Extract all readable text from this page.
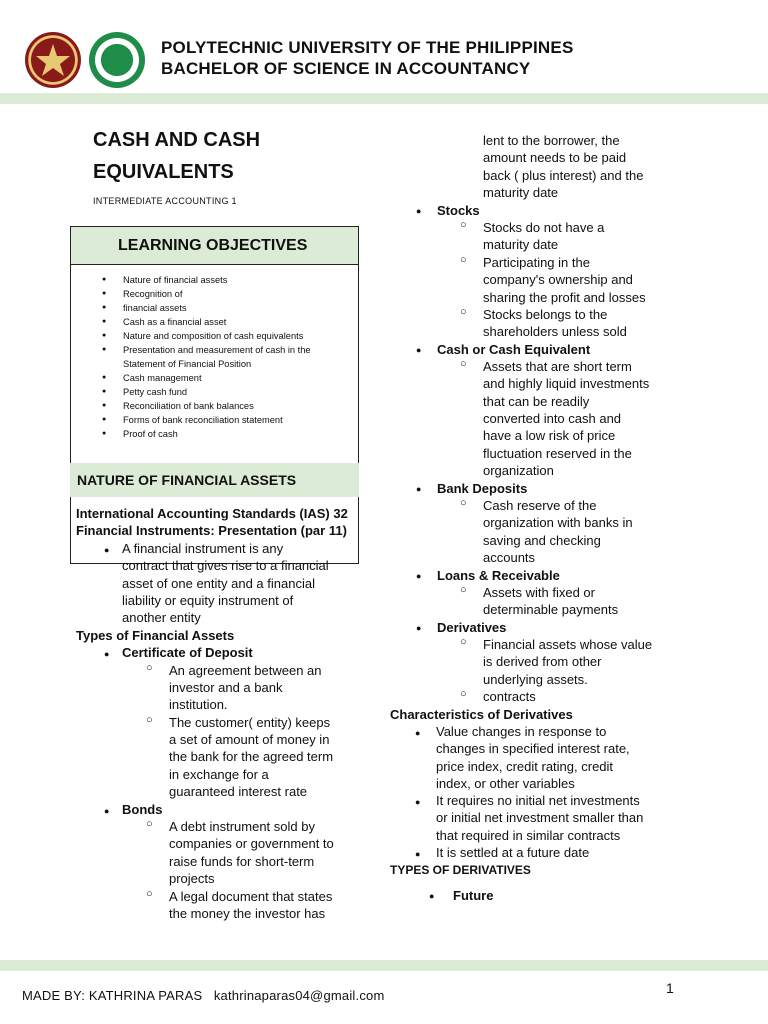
POLYTECHNIC UNIVERSITY OF THE PHILIPPINES
BACHELOR OF SCIENCE IN ACCOUNTANCY
CASH AND CASH
EQUIVALENTS
INTERMEDIATE ACCOUNTING 1
LEARNING OBJECTIVES
● Nature of financial assets
● Recognition of
● financial assets
● Cash as a financial asset
● Nature and composition of cash equivalents
● Presentation and measurement of cash in the
Statement of Financial Position
● Cash management
● Petty cash fund
● Reconciliation of bank balances
● Forms of bank reconciliation statement
● Proof of cash
NATURE OF FINANCIAL ASSETS
International Accounting Standards (IAS) 32
Financial Instruments: Presentation (par 11)
● A financial instrument is any
contract that gives rise to a financial
asset of one entity and a financial
liability or equity instrument of
another entity
Types of Financial Assets
● Certificate of Deposit
○ An agreement between an
investor and a bank
institution.
○ The customer( entity) keeps
a set of amount of money in
the bank for the agreed term
in exchange for a
guaranteed interest rate
● Bonds
○ A debt instrument sold by
companies or government to
raise funds for short-term
projects
○ A legal document that states
the money the investor has
lent to the borrower, the
amount needs to be paid
back ( plus interest) and the
maturity date
● Stocks
○ Stocks do not have a
maturity date
○ Participating in the
company's ownership and
sharing the profit and losses
○ Stocks belongs to the
shareholders unless sold
● Cash or Cash Equivalent
○ Assets that are short term
and highly liquid investments
that can be readily
converted into cash and
have a low risk of price
fluctuation reserved in the
organization
● Bank Deposits
○ Cash reserve of the
organization with banks in
saving and checking
accounts
● Loans & Receivable
○ Assets with fixed or
determinable payments
● Derivatives
○ Financial assets whose value
is derived from other
underlying assets.
○ contracts
Characteristics of Derivatives
● Value changes in response to
changes in specified interest rate,
price index, credit rating, credit
index, or other variables
● It requires no initial net investments
or initial net investment smaller than
that required in similar contracts
● It is settled at a future date
TYPES OF DERIVATIVES
● Future
MADE BY: KATHRINA PARAS kathrinaparas04@gmail.com	1
